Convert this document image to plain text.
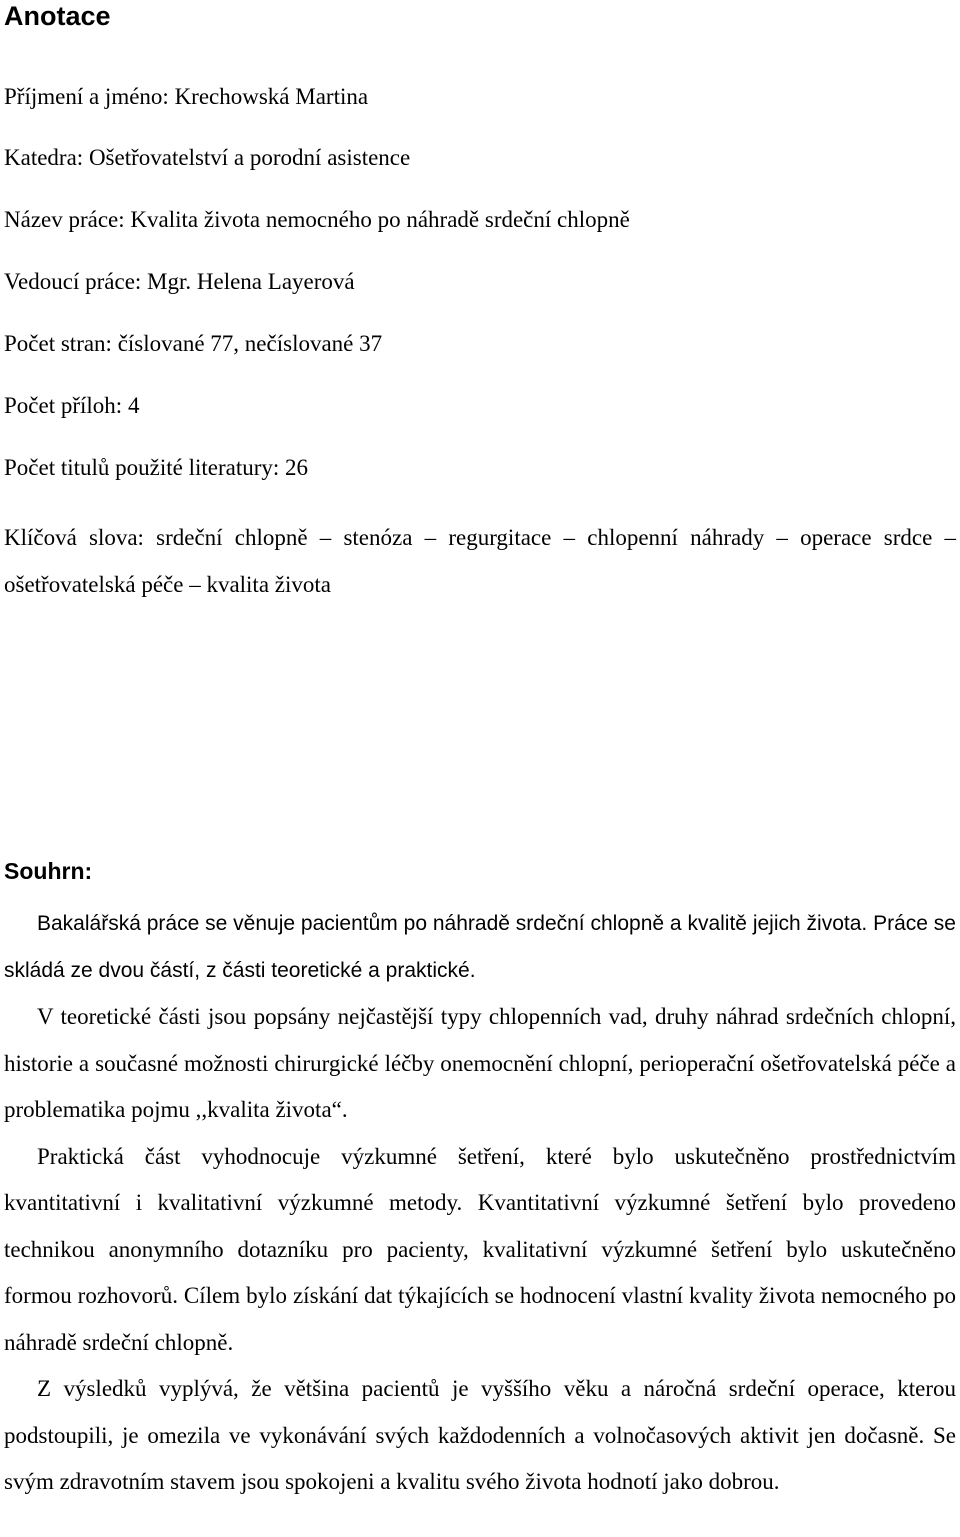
Anotace
Příjmení a jméno: Krechowská Martina
Katedra: Ošetřovatelství a porodní asistence
Název práce: Kvalita života nemocného po náhradě srdeční chlopně
Vedoucí práce: Mgr. Helena Layerová
Počet stran: číslované 77, nečíslované 37
Počet příloh: 4
Počet titulů použité literatury: 26
Klíčová slova: srdeční chlopně – stenóza – regurgitace – chlopenní náhrady – operace srdce – ošetřovatelská péče – kvalita života
Souhrn:

Bakalářská práce se věnuje pacientům po náhradě srdeční chlopně a kvalitě jejich života. Práce se skládá ze dvou částí, z části teoretické a praktické.

V teoretické části jsou popsány nejčastější typy chlopenních vad, druhy náhrad srdečních chlopní, historie a současné možnosti chirurgické léčby onemocnění chlopní, perioperační ošetřovatelská péče a problematika pojmu ,,kvalita života“.

Praktická část vyhodnocuje výzkumné šetření, které bylo uskutečněno prostřednictvím kvantitativní i kvalitativní výzkumné metody. Kvantitativní výzkumné šetření bylo provedeno technikou anonymního dotazníku pro pacienty, kvalitativní výzkumné šetření bylo uskutečněno formou rozhovorů. Cílem bylo získání dat týkajících se hodnocení vlastní kvality života nemocného po náhradě srdeční chlopně.

Z výsledků vyplývá, že většina pacientů je vyššího věku a náročná srdeční operace, kterou podstoupili, je omezila ve vykonávání svých každodenních a volnočasových aktivit jen dočasně. Se svým zdravotním stavem jsou spokojeni a kvalitu svého života hodnotí jako dobrou.
